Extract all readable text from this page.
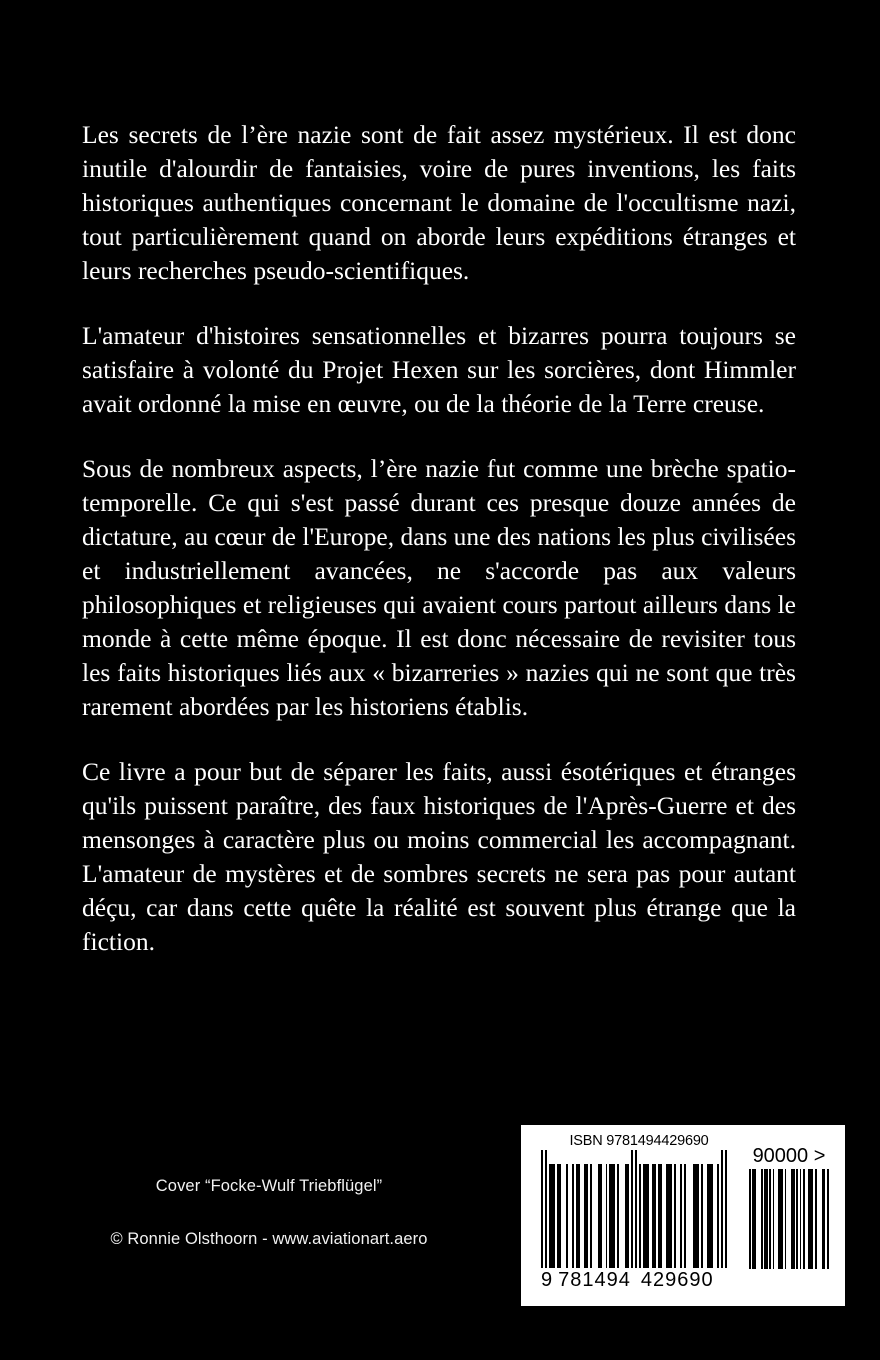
Les secrets de l’ère nazie sont de fait assez mystérieux. Il est donc inutile d'alourdir de fantaisies, voire de pures inventions, les faits historiques authentiques concernant le domaine de l'occultisme nazi, tout particulièrement quand on aborde leurs expéditions étranges et leurs recherches pseudo-scientifiques.

L'amateur d'histoires sensationnelles et bizarres pourra toujours se satisfaire à volonté du Projet Hexen sur les sorcières, dont Himmler avait ordonné la mise en œuvre, ou de la théorie de la Terre creuse.

Sous de nombreux aspects, l’ère nazie fut comme une brèche spatio-temporelle. Ce qui s'est passé durant ces presque douze années de dictature, au cœur de l'Europe, dans une des nations les plus civilisées et industriellement avancées, ne s'accorde pas aux valeurs philosophiques et religieuses qui avaient cours partout ailleurs dans le monde à cette même époque. Il est donc nécessaire de revisiter tous les faits historiques liés aux « bizarreries » nazies qui ne sont que très rarement abordées par les historiens établis.

Ce livre a pour but de séparer les faits, aussi ésotériques et étranges qu'ils puissent paraître, des faux historiques de l'Après-Guerre et des mensonges à caractère plus ou moins commercial les accompagnant. L'amateur de mystères et de sombres secrets ne sera pas pour autant déçu, car dans cette quête la réalité est souvent plus étrange que la fiction.

Cover “Focke-Wulf Triebflügel”
© Ronnie Olsthoorn - www.aviationart.aero
ISBN 9781494429690
9 781494 429690
90000 >
